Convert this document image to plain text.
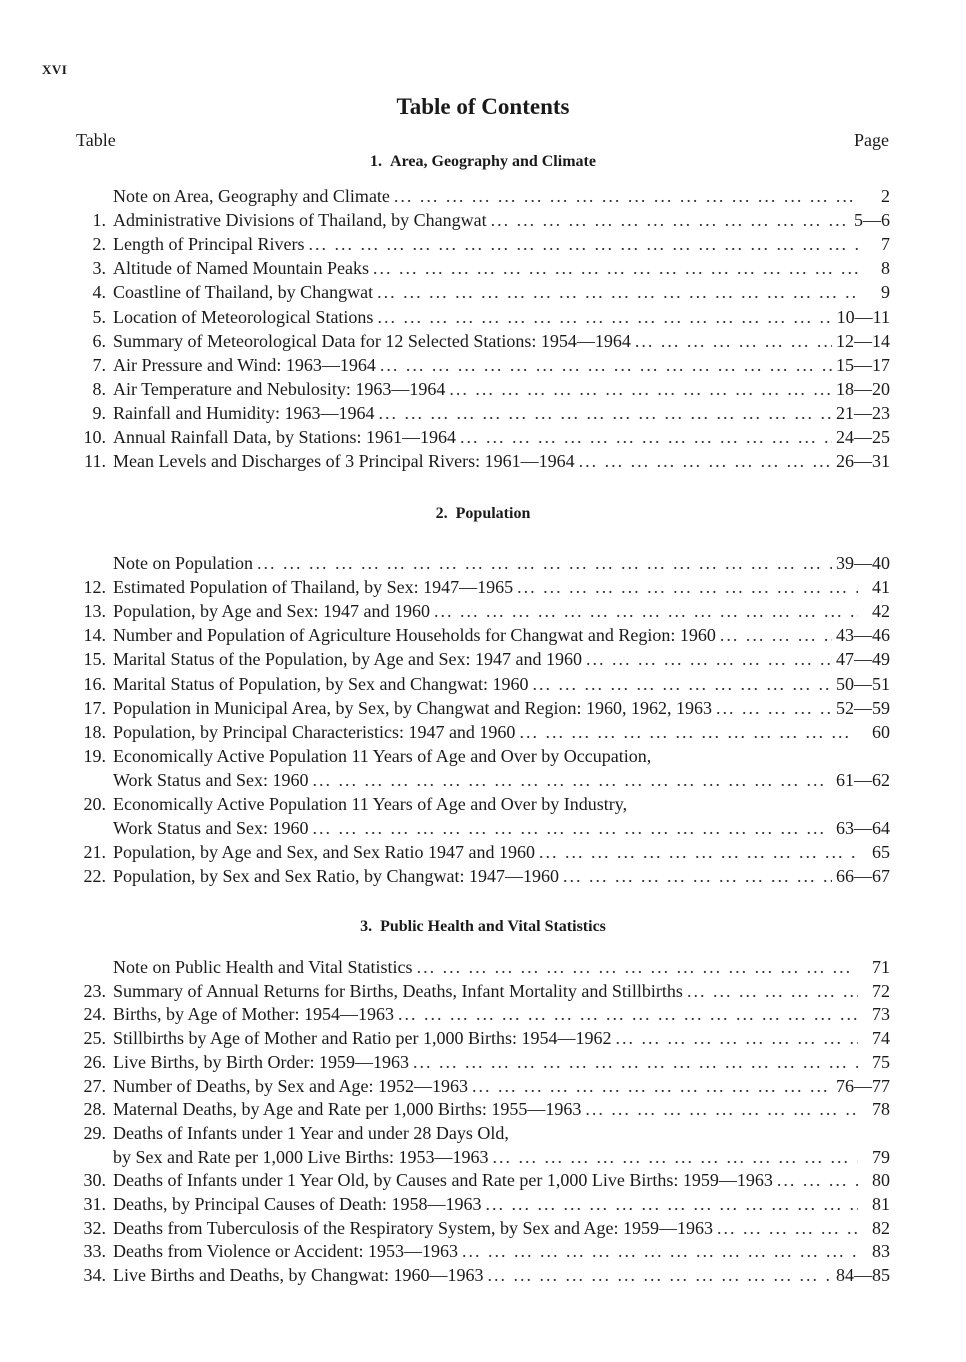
XVI
Table of Contents
Table	Page
1. Area, Geography and Climate
Note on Area, Geography and Climate ... .	2
1. Administrative Divisions of Thailand, by Changwat ... .	5—6
2. Length of Principal Rivers ... .	7
3. Altitude of Named Mountain Peaks ... .	8
4. Coastline of Thailand, by Changwat ... .	9
5. Location of Meteorological Stations ... .	10—11
6. Summary of Meteorological Data for 12 Selected Stations: 1954—1964 ... .	12—14
7. Air Pressure and Wind: 1963—1964 ... .	15—17
8. Air Temperature and Nebulosity: 1963—1964 ... .	18—20
9. Rainfall and Humidity: 1963—1964 ... .	21—23
10. Annual Rainfall Data, by Stations: 1961—1964 ... .	24—25
11. Mean Levels and Discharges of 3 Principal Rivers: 1961—1964 ... .	26—31
2. Population
Note on Population ... .	39—40
12. Estimated Population of Thailand, by Sex: 1947—1965 ... .	41
13. Population, by Age and Sex: 1947 and 1960 ... .	42
14. Number and Population of Agriculture Households for Changwat and Region: 1960 ... .	43—46
15. Marital Status of the Population, by Age and Sex: 1947 and 1960 ... .	47—49
16. Marital Status of Population, by Sex and Changwat: 1960 ... .	50—51
17. Population in Municipal Area, by Sex, by Changwat and Region: 1960, 1962, 1963 ... .	52—59
18. Population, by Principal Characteristics: 1947 and 1960 ... .	60
19. Economically Active Population 11 Years of Age and Over by Occupation,
Work Status and Sex: 1960 ... .	61—62
20. Economically Active Population 11 Years of Age and Over by Industry,
Work Status and Sex: 1960 ... .	63—64
21. Population, by Age and Sex, and Sex Ratio 1947 and 1960 ... .	65
22. Population, by Sex and Sex Ratio, by Changwat: 1947—1960 ... .	66—67
3. Public Health and Vital Statistics
Note on Public Health and Vital Statistics ... .	71
23. Summary of Annual Returns for Births, Deaths, Infant Mortality and Stillbirths ... .	72
24. Births, by Age of Mother: 1954—1963 ... .	73
25. Stillbirths by Age of Mother and Ratio per 1,000 Births: 1954—1962 ... .	74
26. Live Births, by Birth Order: 1959—1963 ... .	75
27. Number of Deaths, by Sex and Age: 1952—1963 ... .	76—77
28. Maternal Deaths, by Age and Rate per 1,000 Births: 1955—1963 ... .	78
29. Deaths of Infants under 1 Year and under 28 Days Old,
by Sex and Rate per 1,000 Live Births: 1953—1963 ... .	79
30. Deaths of Infants under 1 Year Old, by Causes and Rate per 1,000 Live Births: 1959—1963 ... .	80
31. Deaths, by Principal Causes of Death: 1958—1963 ... .	81
32. Deaths from Tuberculosis of the Respiratory System, by Sex and Age: 1959—1963 ... .	82
33. Deaths from Violence or Accident: 1953—1963 ... .	83
34. Live Births and Deaths, by Changwat: 1960—1963 ... .	84—85
